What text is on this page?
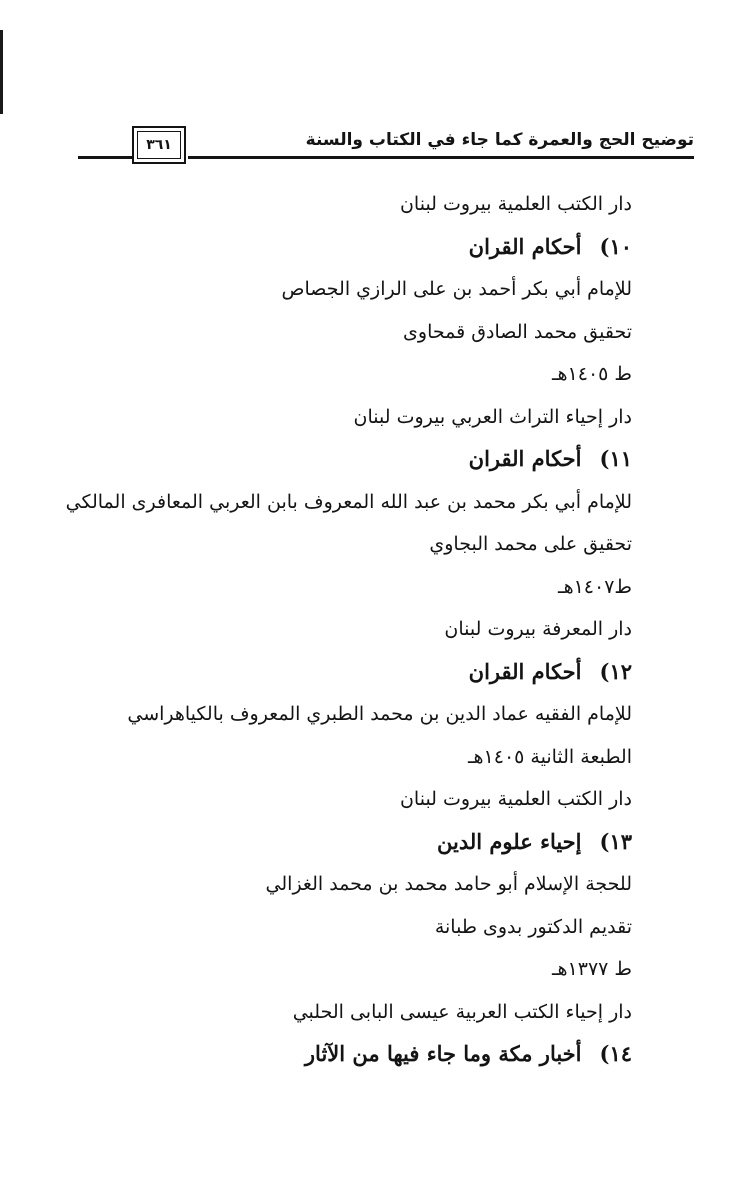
توضيح الحج والعمرة كما جاء في الكتاب والسنة
٣٦١
دار الكتب العلمية بيروت لبنان
١٠)أحكام القران
للإمام أبي بكر أحمد بن على الرازي الجصاص
تحقيق محمد الصادق قمحاوى
ط ١٤٠٥هـ
دار إحياء التراث العربي بيروت لبنان
١١)أحكام القران
للإمام أبي بكر محمد بن عبد الله المعروف بابن العربي المعافرى المالكي
تحقيق على محمد البجاوي
ط١٤٠٧هـ
دار المعرفة بيروت لبنان
١٢)أحكام القران
للإمام الفقيه عماد الدين بن محمد الطبري المعروف بالكياهراسي
الطبعة الثانية ١٤٠٥هـ
دار الكتب العلمية بيروت لبنان
١٣)إحياء علوم الدين
للحجة الإسلام أبو حامد محمد بن محمد الغزالي
تقديم الدكتور بدوى طبانة
ط ١٣٧٧هـ
دار إحياء الكتب العربية عيسى البابى الحلبي
١٤)أخبار مكة وما جاء فيها من الآثار
